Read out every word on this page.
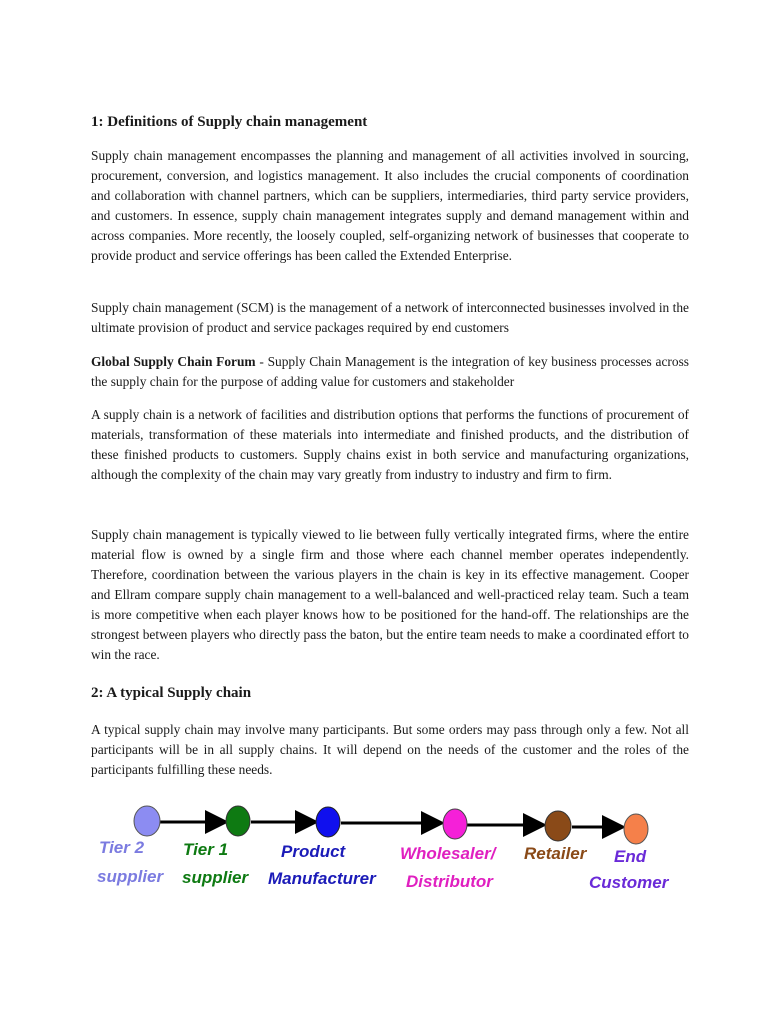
1: Definitions of Supply chain management

Supply chain management encompasses the planning and management of all activities involved in sourcing, procurement, conversion, and logistics management. It also includes the crucial components of coordination and collaboration with channel partners, which can be suppliers, intermediaries, third party service providers, and customers. In essence, supply chain management integrates supply and demand management within and across companies. More recently, the loosely coupled, self-organizing network of businesses that cooperate to provide product and service offerings has been called the Extended Enterprise.

Supply chain management (SCM) is the management of a network of interconnected businesses involved in the ultimate provision of product and service packages required by end customers

Global Supply Chain Forum - Supply Chain Management is the integration of key business processes across the supply chain for the purpose of adding value for customers and stakeholder

A supply chain is a network of facilities and distribution options that performs the functions of procurement of materials, transformation of these materials into intermediate and finished products, and the distribution of these finished products to customers. Supply chains exist in both service and manufacturing organizations, although the complexity of the chain may vary greatly from industry to industry and firm to firm.

Supply chain management is typically viewed to lie between fully vertically integrated firms, where the entire material flow is owned by a single firm and those where each channel member operates independently. Therefore, coordination between the various players in the chain is key in its effective management. Cooper and Ellram compare supply chain management to a well-balanced and well-practiced relay team. Such a team is more competitive when each player knows how to be positioned for the hand-off. The relationships are the strongest between players who directly pass the baton, but the entire team needs to make a coordinated effort to win the race.

2: A typical Supply chain

A typical supply chain may involve many participants. But some orders may pass through only a few. Not all participants will be in all supply chains. It will depend on the needs of the customer and the roles of the participants fulfilling these needs.

Tier 2
supplier
Tier 1
supplier
Product
Manufacturer
Wholesaler/
Distributor
Retailer End
Customer
